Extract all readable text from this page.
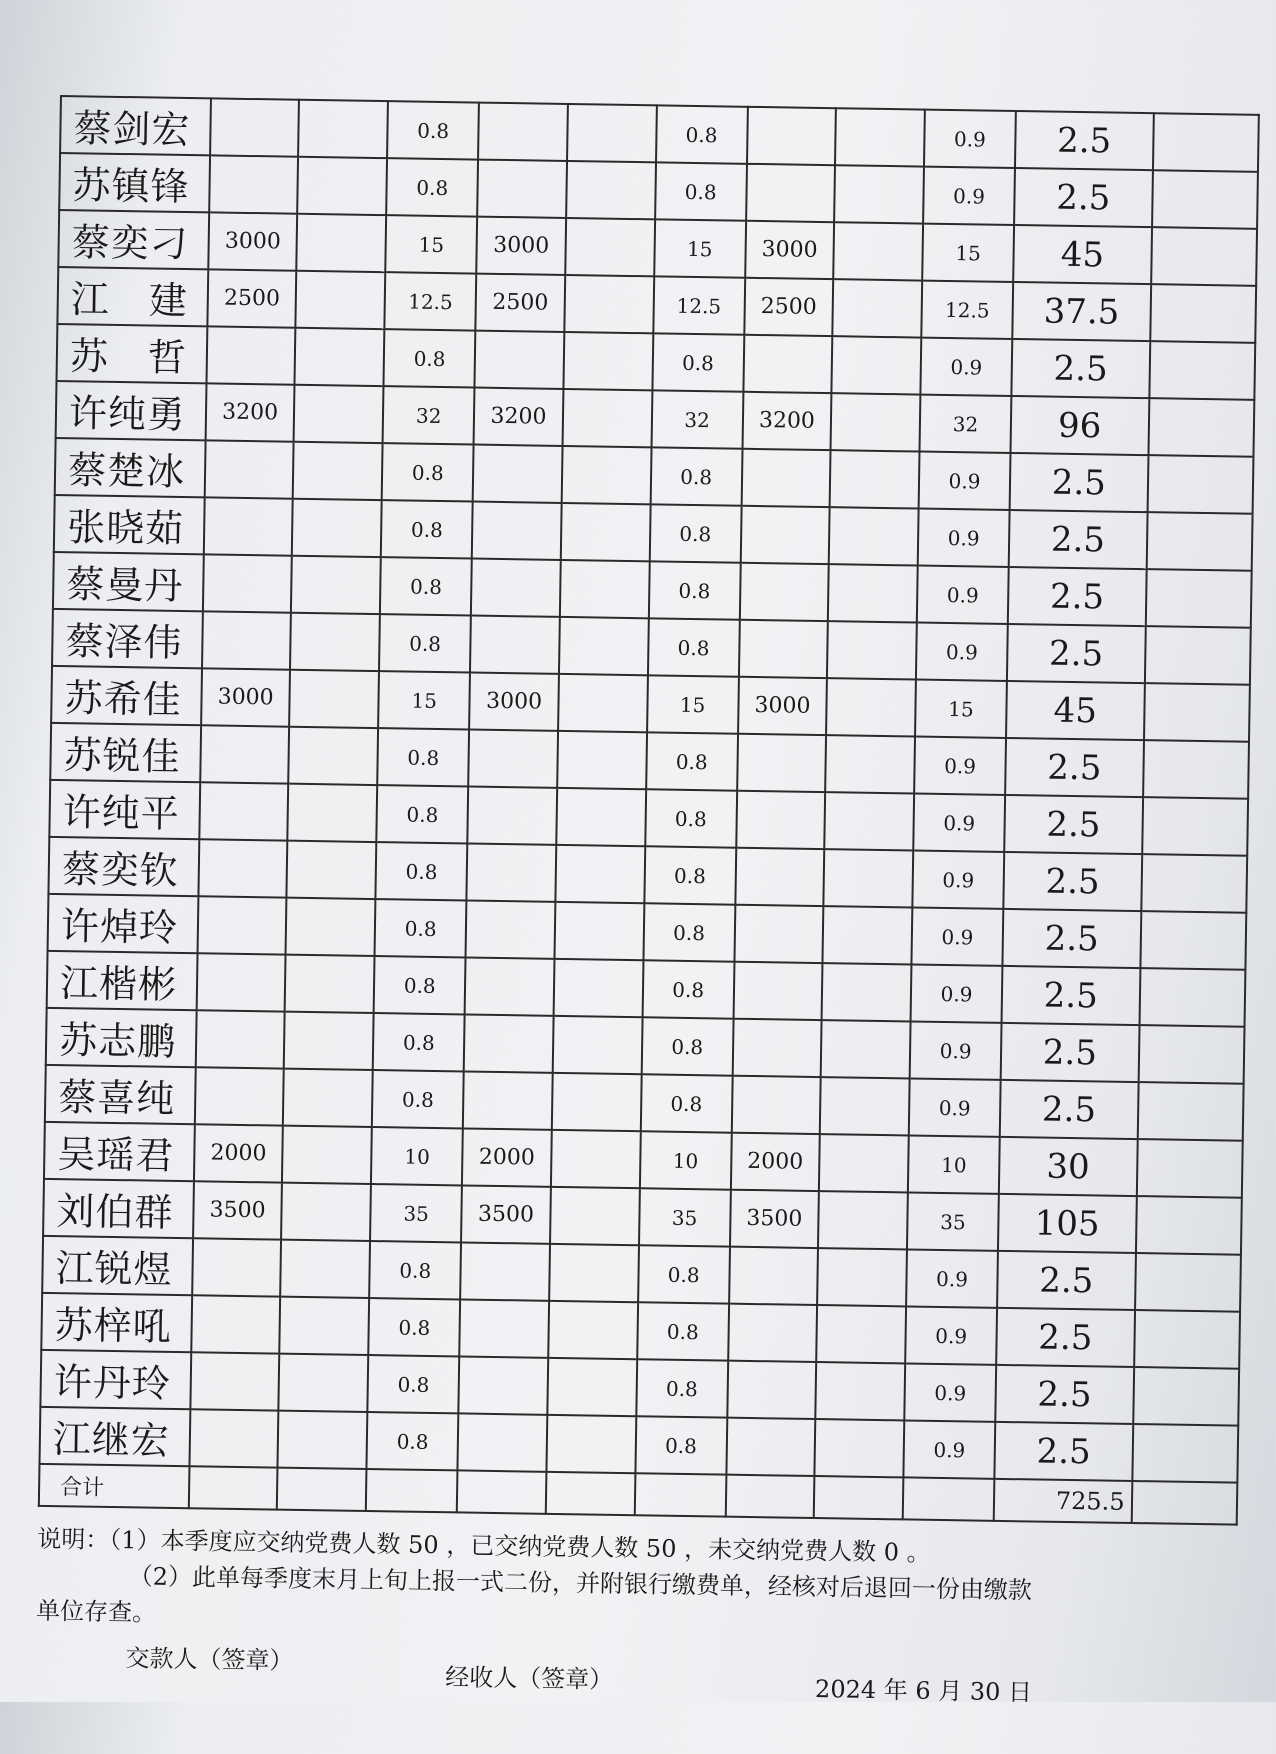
蔡剑宏			0.8			0.8			0.9	2.5	
苏镇锋			0.8			0.8			0.9	2.5	
蔡奕刁	3000		15	3000		15	3000		15	45	
江　建	2500		12.5	2500		12.5	2500		12.5	37.5	
苏　哲			0.8			0.8			0.9	2.5	
许纯勇	3200		32	3200		32	3200		32	96	
蔡楚冰			0.8			0.8			0.9	2.5	
张晓茹			0.8			0.8			0.9	2.5	
蔡曼丹			0.8			0.8			0.9	2.5	
蔡泽伟			0.8			0.8			0.9	2.5	
苏希佳	3000		15	3000		15	3000		15	45	
苏锐佳			0.8			0.8			0.9	2.5	
许纯平			0.8			0.8			0.9	2.5	
蔡奕钦			0.8			0.8			0.9	2.5	
许焯玲			0.8			0.8			0.9	2.5	
江楷彬			0.8			0.8			0.9	2.5	
苏志鹏			0.8			0.8			0.9	2.5	
蔡喜纯			0.8			0.8			0.9	2.5	
吴瑶君	2000		10	2000		10	2000		10	30	
刘伯群	3500		35	3500		35	3500		35	105	
江锐煜			0.8			0.8			0.9	2.5	
苏梓吼			0.8			0.8			0.9	2.5	
许丹玲			0.8			0.8			0.9	2.5	
江继宏			0.8			0.8			0.9	2.5	
合计										725.5	
说明：（1）本季度应交纳党费人数 50 ，已交纳党费人数 50 ，未交纳党费人数 0 。
（2）此单每季度末月上旬上报一式二份，并附银行缴费单，经核对后退回一份由缴款
单位存查。
交款人（签章）
经收人（签章）	2024 年 6 月 30 日
